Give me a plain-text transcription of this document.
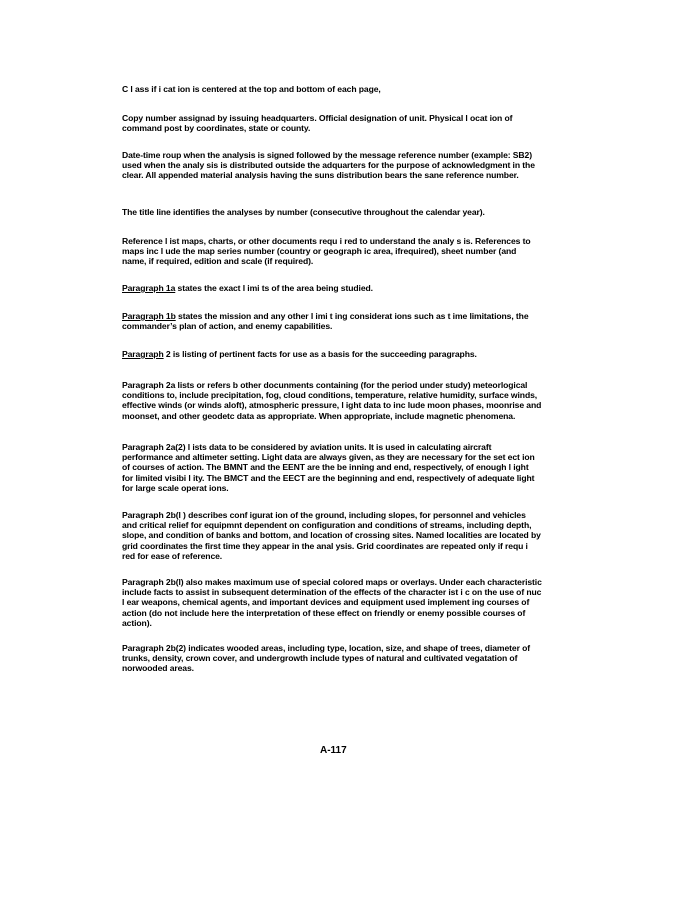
C l ass if i cat ion is centered at the top and bottom of each page,

Copy number assignad by issuing headquarters. Official designation of unit. Physical l ocat ion of command post by coordinates, state or county.

Date-time roup when the analysis is signed followed by the message reference number (example: SB2) used when the analy sis is distributed outside the adquarters for the purpose of acknowledgment in the clear. All appended material analysis having the suns distribution bears the sane reference number.

The title line identifies the analyses by number (consecutive throughout the calendar year).

Reference l ist maps, charts, or other documents requ i red to understand the analy s is. References to maps inc l ude the map series number (country or geograph ic area, ifrequired), sheet number (and name, if required, edition and scale (if required).

Paragraph 1a states the exact l imi ts of the area being studied.

Paragraph 1b states the mission and any other l imi t ing considerat ions such as t ime limitations, the commander’s plan of action, and enemy capabilities.

Paragraph 2 is listing of pertinent facts for use as a basis for the succeeding paragraphs.

Paragraph 2a lists or refers b other docunments containing (for the period under study) meteorlogical conditions to, include precipitation, fog, cloud conditions, temperature, relative humidity, surface winds, effective winds (or winds aloft), atmospheric pressure, l ight data to inc lude moon phases, moonrise and moonset, and other geodetc data as appropriate. When appropriate, include magnetic phenomena.

Paragraph 2a(2) l ists data to be considered by aviation units. It is used in calculating aircraft performance and altimeter setting. Light data are always given, as they are necessary for the set ect ion of courses of action. The BMNT and the EENT are the be inning and end, respectively, of enough l ight for limited visibi l ity. The BMCT and the EECT are the beginning and end, respectively of adequate light for large scale operat ions.

Paragraph 2b(l ) describes conf igurat ion of the ground, including slopes, for personnel and vehicles and critical relief for equipmnt dependent on configuration and conditions of streams, including depth, slope, and condition of banks and bottom, and location of crossing sites. Named localities are located by grid coordinates the first time they appear in the anal ysis. Grid coordinates are repeated only if requ i red for ease of reference.

Paragraph 2b(l) also makes maximum use of special colored maps or overlays. Under each characteristic include facts to assist in subsequent determination of the effects of the character ist i c on the use of nuc l ear weapons, chemical agents, and important devices and equipment used implement ing courses of action (do not include here the interpretation of these effect on friendly or enemy possible courses of action).

Paragraph 2b(2) indicates wooded areas, including type, location, size, and shape of trees, diameter of trunks, density, crown cover, and undergrowth include types of natural and cultivated vegatation of norwooded areas.

A-117
